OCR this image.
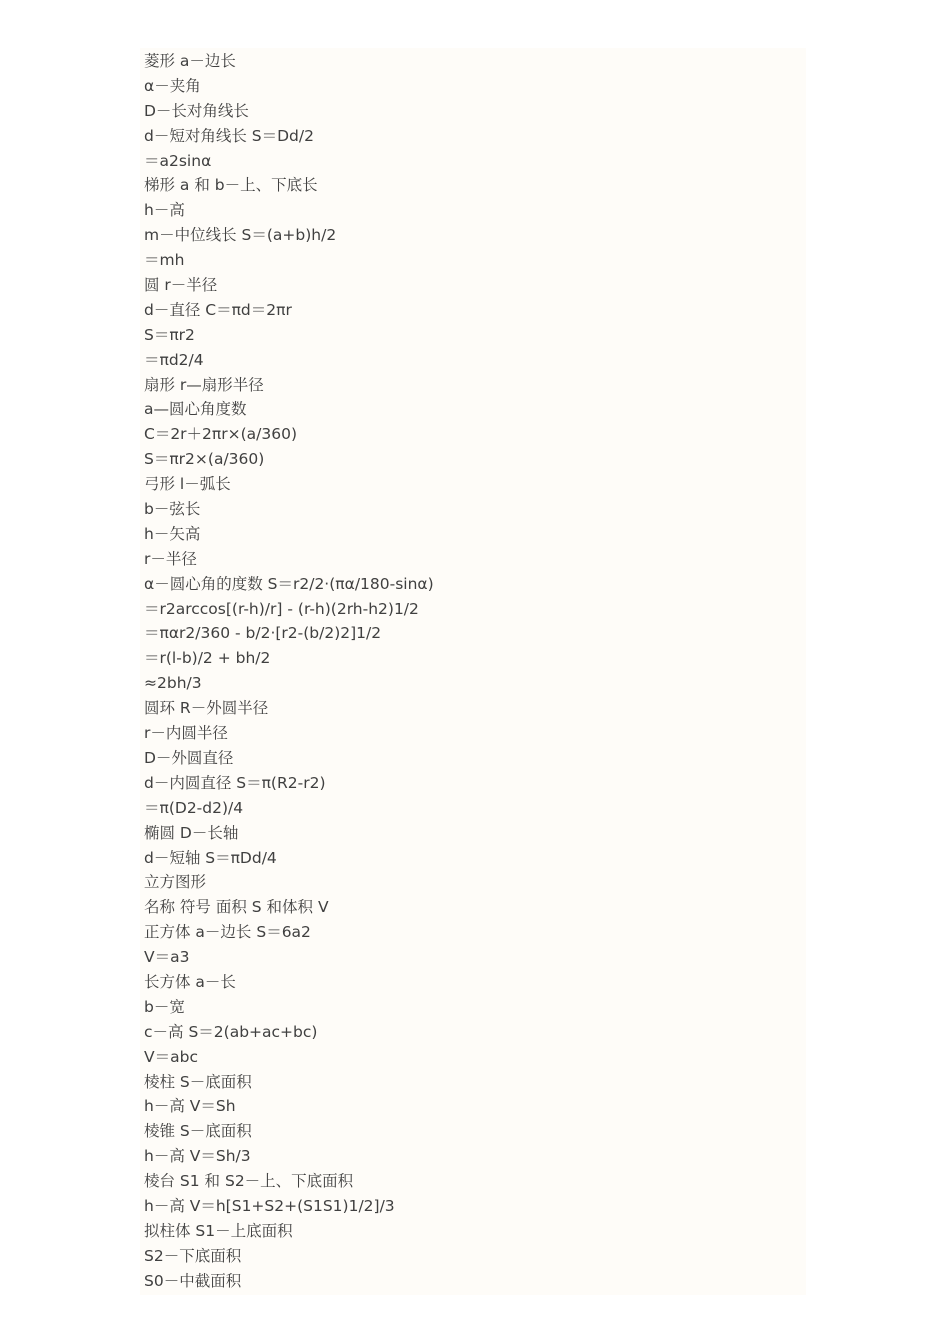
菱形 a－边长
α－夹角
D－长对角线长
d－短对角线长 S＝Dd/2
＝a2sinα
梯形 a 和 b－上、下底长
h－高
m－中位线长 S＝(a+b)h/2
＝mh
圆 r－半径
d－直径 C＝πd＝2πr
S＝πr2
＝πd2/4
扇形 r—扇形半径
a—圆心角度数
C＝2r＋2πr×(a/360)
S＝πr2×(a/360)
弓形 l－弧长
b－弦长
h－矢高
r－半径
α－圆心角的度数 S＝r2/2·(πα/180-sinα)
＝r2arccos[(r-h)/r] - (r-h)(2rh-h2)1/2
＝παr2/360 - b/2·[r2-(b/2)2]1/2
＝r(l-b)/2 + bh/2
≈2bh/3
圆环 R－外圆半径
r－内圆半径
D－外圆直径
d－内圆直径 S＝π(R2-r2)
＝π(D2-d2)/4
椭圆 D－长轴
d－短轴 S＝πDd/4
立方图形
名称 符号 面积 S 和体积 V
正方体 a－边长 S＝6a2
V＝a3
长方体 a－长
b－宽
c－高 S＝2(ab+ac+bc)
V＝abc
棱柱 S－底面积
h－高 V＝Sh
棱锥 S－底面积
h－高 V＝Sh/3
棱台 S1 和 S2－上、下底面积
h－高 V＝h[S1+S2+(S1S1)1/2]/3
拟柱体 S1－上底面积
S2－下底面积
S0－中截面积
